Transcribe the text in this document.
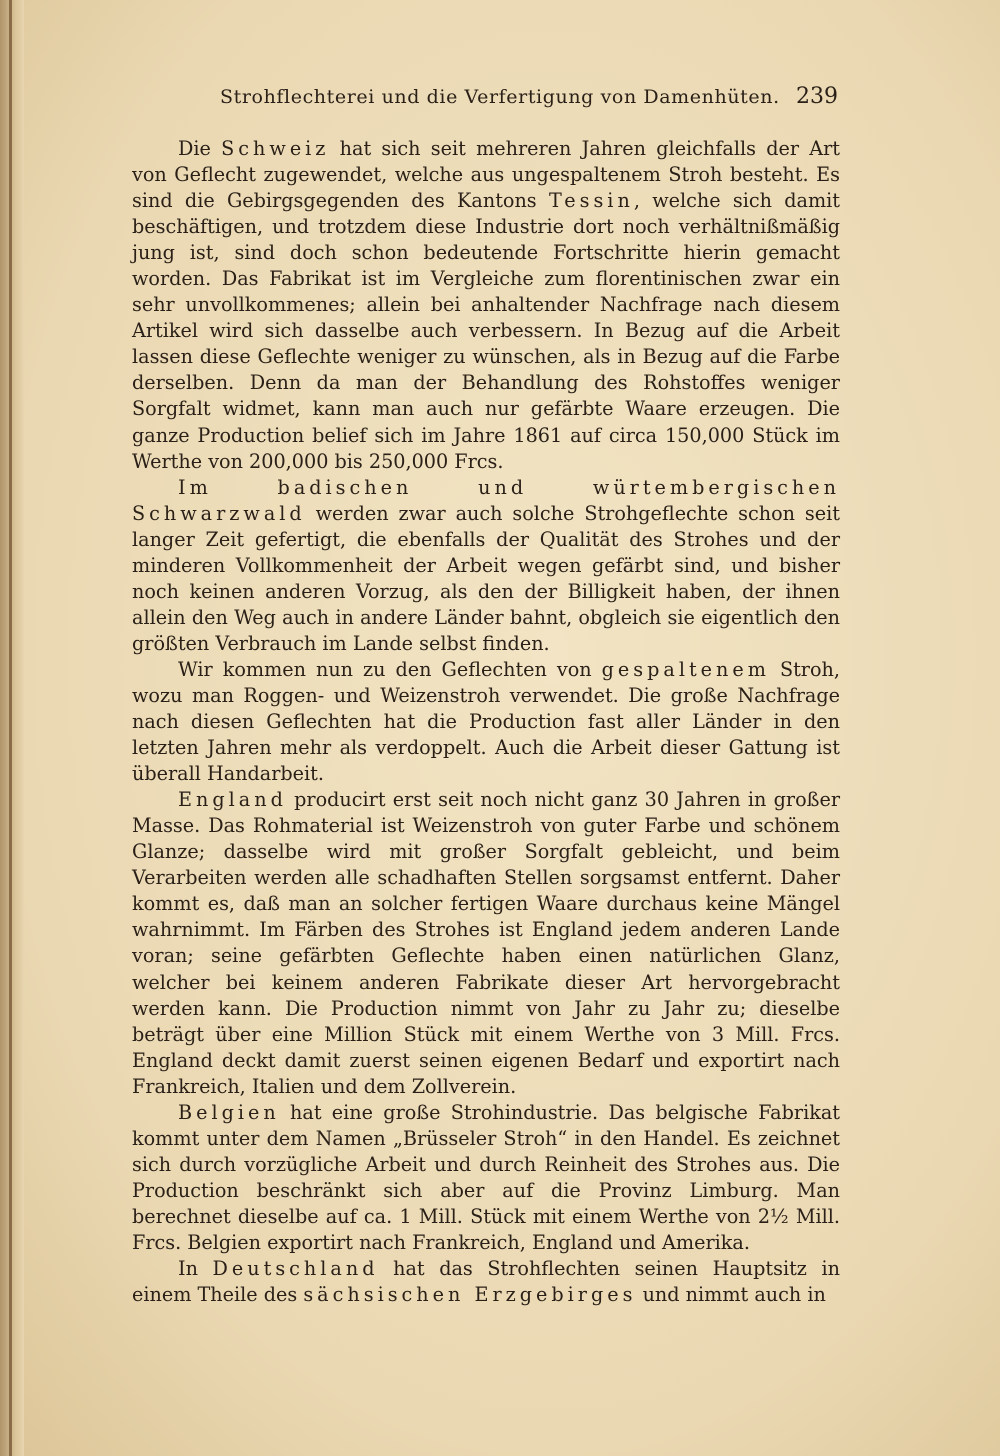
Strohflechterei und die Verfertigung von Damenhüten. 239

Die Schweiz hat sich seit mehreren Jahren gleichfalls der Art von Geflecht zugewendet, welche aus ungespaltenem Stroh besteht. Es sind die Gebirgsgegenden des Kantons Tessin, welche sich damit beschäftigen, und trotzdem diese Industrie dort noch verhältnißmäßig jung ist, sind doch schon bedeutende Fortschritte hierin gemacht worden. Das Fabrikat ist im Vergleiche zum florentinischen zwar ein sehr unvollkommenes; allein bei anhaltender Nachfrage nach diesem Artikel wird sich dasselbe auch verbessern. In Bezug auf die Arbeit lassen diese Geflechte weniger zu wünschen, als in Bezug auf die Farbe derselben. Denn da man der Behandlung des Rohstoffes weniger Sorgfalt widmet, kann man auch nur gefärbte Waare erzeugen. Die ganze Production belief sich im Jahre 1861 auf circa 150,000 Stück im Werthe von 200,000 bis 250,000 Frcs.

Im badischen und würtembergischen Schwarzwald werden zwar auch solche Strohgeflechte schon seit langer Zeit gefertigt, die ebenfalls der Qualität des Strohes und der minderen Vollkommenheit der Arbeit wegen gefärbt sind, und bisher noch keinen anderen Vorzug, als den der Billigkeit haben, der ihnen allein den Weg auch in andere Länder bahnt, obgleich sie eigentlich den größten Verbrauch im Lande selbst finden.

Wir kommen nun zu den Geflechten von gespaltenem Stroh, wozu man Roggen- und Weizenstroh verwendet. Die große Nachfrage nach diesen Geflechten hat die Production fast aller Länder in den letzten Jahren mehr als verdoppelt. Auch die Arbeit dieser Gattung ist überall Handarbeit.

England producirt erst seit noch nicht ganz 30 Jahren in großer Masse. Das Rohmaterial ist Weizenstroh von guter Farbe und schönem Glanze; dasselbe wird mit großer Sorgfalt gebleicht, und beim Verarbeiten werden alle schadhaften Stellen sorgsamst entfernt. Daher kommt es, daß man an solcher fertigen Waare durchaus keine Mängel wahrnimmt. Im Färben des Strohes ist England jedem anderen Lande voran; seine gefärbten Geflechte haben einen natürlichen Glanz, welcher bei keinem anderen Fabrikate dieser Art hervorgebracht werden kann. Die Production nimmt von Jahr zu Jahr zu; dieselbe beträgt über eine Million Stück mit einem Werthe von 3 Mill. Frcs. England deckt damit zuerst seinen eigenen Bedarf und exportirt nach Frankreich, Italien und dem Zollverein.

Belgien hat eine große Strohindustrie. Das belgische Fabrikat kommt unter dem Namen „Brüsseler Stroh“ in den Handel. Es zeichnet sich durch vorzügliche Arbeit und durch Reinheit des Strohes aus. Die Production beschränkt sich aber auf die Provinz Limburg. Man berechnet dieselbe auf ca. 1 Mill. Stück mit einem Werthe von 2½ Mill. Frcs. Belgien exportirt nach Frankreich, England und Amerika.

In Deutschland hat das Strohflechten seinen Hauptsitz in einem Theile des sächsischen Erzgebirges und nimmt auch in
